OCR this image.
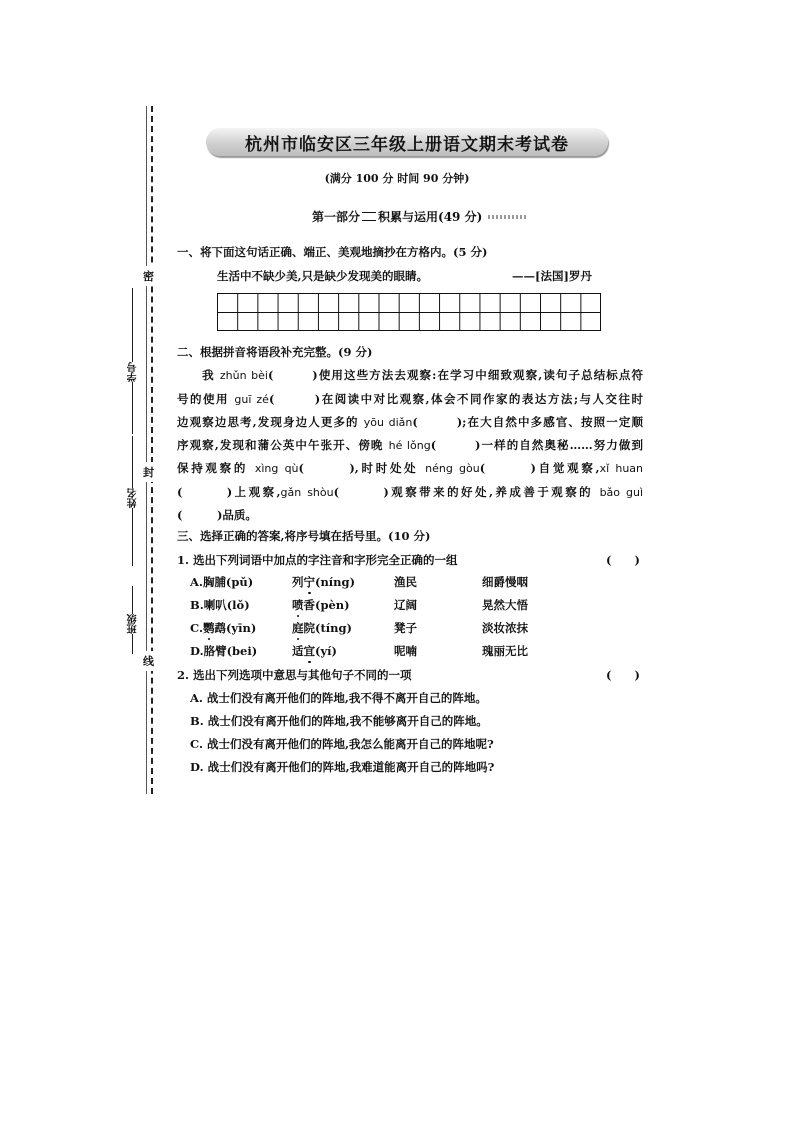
密
封
线
学号
姓名
班级
杭州市临安区三年级上册语文期末考试卷
(满分 100 分 时间 90 分钟)
第一部分 积累与运用(49 分)
一、将下面这句话正确、端正、美观地摘抄在方格内。(5 分)
生活中不缺少美,只是缺少发现美的眼睛。	——[法国]罗丹
二、根据拼音将语段补充完整。(9 分)
　　我 zhǔn bèi(　　　)使用这些方法去观察:在学习中细致观察,读句子总结标点符
号的使用 guī zé(　　　)在阅读中对比观察,体会不同作家的表达方法;与人交往时
边观察边思考,发现身边人更多的 yōu diǎn(　　　);在大自然中多感官、按照一定顺
序观察,发现和蒲公英中午张开、傍晚 hé lǒng(　　　)一样的自然奥秘……努力做到
保持观察的 xìng qù(　　　),时时处处 néng gòu(　　　)自觉观察,xǐ huan
(　　　)上观察,gǎn shòu(　　　)观察带来的好处,养成善于观察的 bǎo guì
(　　　)品质。
三、选择正确的答案,将序号填在括号里。(10 分)
1. 选出下列词语中加点的字注音和字形完全正确的一组	(　　)
A.胸脯(pǔ)	列宁(níng)	渔民	细爵慢咽
B.喇叭(lǒ)	喷香(pèn)	辽阔	晃然大悟
C.鹦鹉(yīn)	庭院(tíng)	凳子	淡妆浓抹
D.胳臂(bei)	适宜(yí)	呢喃	瑰丽无比
2. 选出下列选项中意思与其他句子不同的一项	(　　)
A. 战士们没有离开他们的阵地,我不得不离开自己的阵地。
B. 战士们没有离开他们的阵地,我不能够离开自己的阵地。
C. 战士们没有离开他们的阵地,我怎么能离开自己的阵地呢?
D. 战士们没有离开他们的阵地,我难道能离开自己的阵地吗?
